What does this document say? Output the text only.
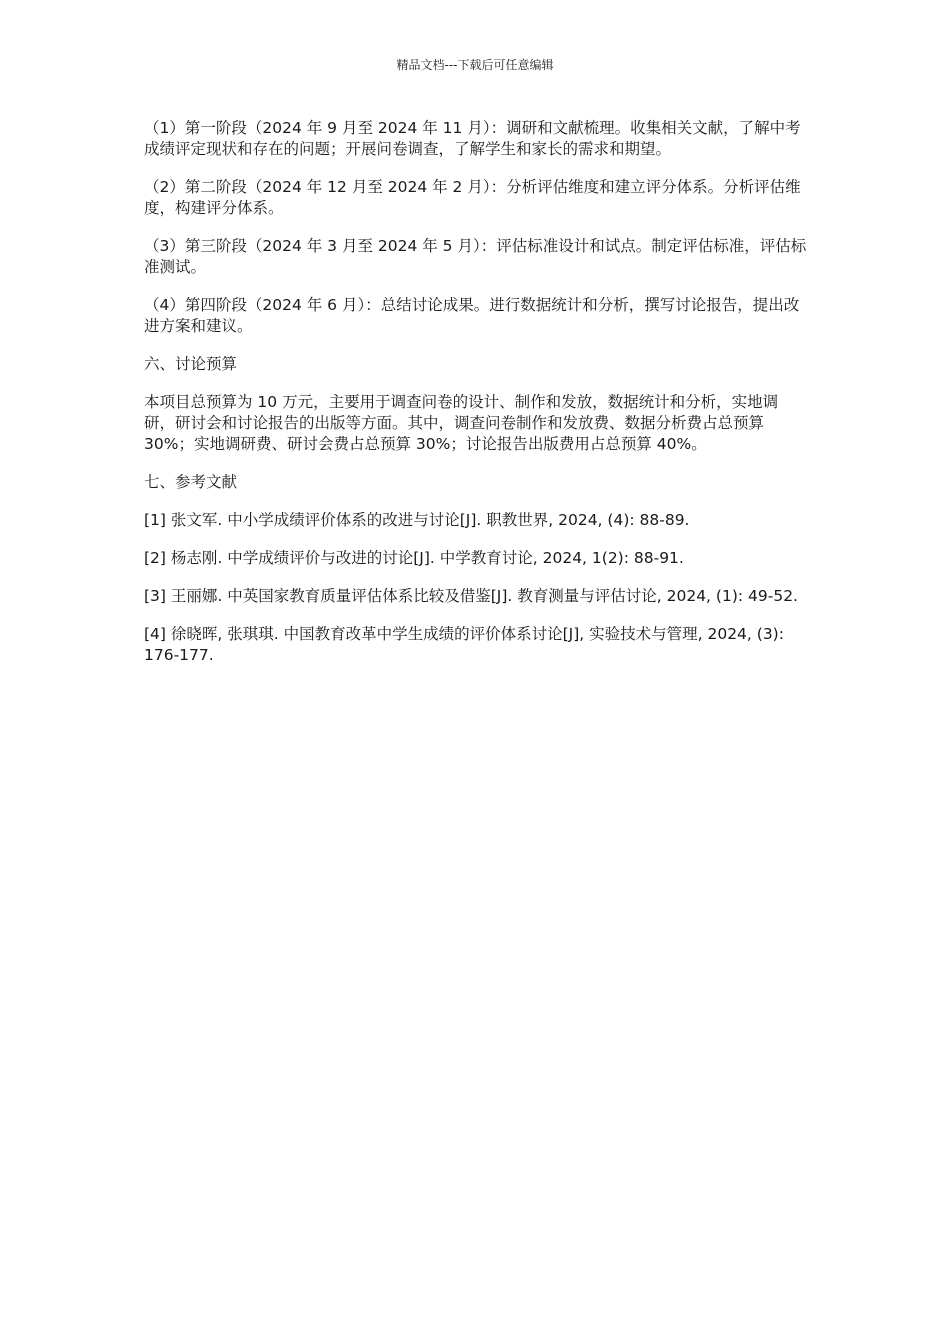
精品文档---下载后可任意编辑

（1）第一阶段（2024 年 9 月至 2024 年 11 月）：调研和文献梳理。收集相关文献，了解中考成绩评定现状和存在的问题；开展问卷调查，了解学生和家长的需求和期望。

（2）第二阶段（2024 年 12 月至 2024 年 2 月）：分析评估维度和建立评分体系。分析评估维度，构建评分体系。

（3）第三阶段（2024 年 3 月至 2024 年 5 月）：评估标准设计和试点。制定评估标准，评估标准测试。

（4）第四阶段（2024 年 6 月）：总结讨论成果。进行数据统计和分析，撰写讨论报告，提出改进方案和建议。

六、讨论预算

本项目总预算为 10 万元，主要用于调查问卷的设计、制作和发放，数据统计和分析，实地调研，研讨会和讨论报告的出版等方面。其中，调查问卷制作和发放费、数据分析费占总预算 30%；实地调研费、研讨会费占总预算 30%；讨论报告出版费用占总预算 40%。

七、参考文献

[1] 张文军. 中小学成绩评价体系的改进与讨论[J]. 职教世界, 2024, (4): 88-89.

[2] 杨志刚. 中学成绩评价与改进的讨论[J]. 中学教育讨论, 2024, 1(2): 88-91.

[3] 王丽娜. 中英国家教育质量评估体系比较及借鉴[J]. 教育测量与评估讨论, 2024, (1): 49-52.

[4] 徐晓晖, 张琪琪. 中国教育改革中学生成绩的评价体系讨论[J], 实验技术与管理, 2024, (3): 176-177.
